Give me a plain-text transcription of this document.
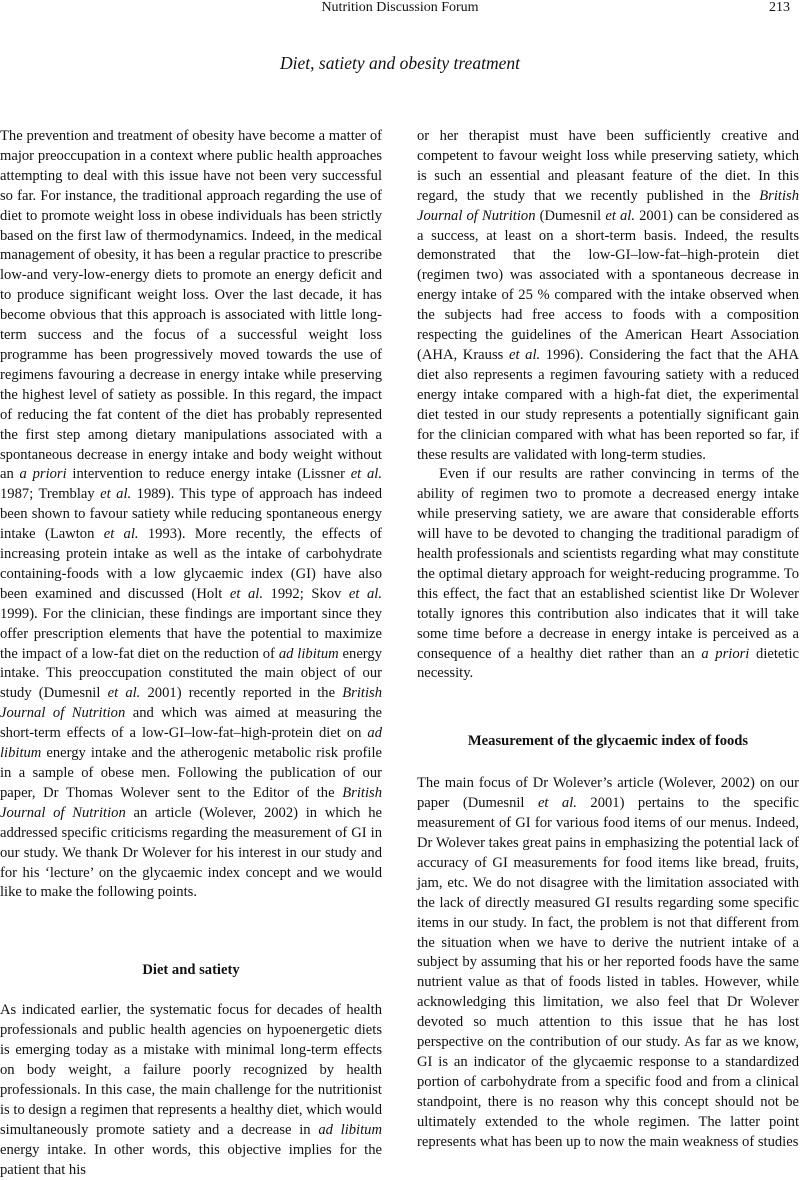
Nutrition Discussion Forum	213
Diet, satiety and obesity treatment

The prevention and treatment of obesity have become a matter of major preoccupation in a context where public health approaches attempting to deal with this issue have not been very successful so far. For instance, the traditional approach regarding the use of diet to promote weight loss in obese individuals has been strictly based on the first law of thermodynamics. Indeed, in the medical management of obesity, it has been a regular practice to prescribe low-and very-low-energy diets to promote an energy deficit and to produce significant weight loss. Over the last decade, it has become obvious that this approach is associated with little long-term success and the focus of a successful weight loss programme has been progressively moved towards the use of regimens favouring a decrease in energy intake while preserving the highest level of satiety as possible. In this regard, the impact of reducing the fat content of the diet has probably represented the first step among dietary manipulations associated with a spontaneous decrease in energy intake and body weight without an a priori intervention to reduce energy intake (Lissner et al. 1987; Tremblay et al. 1989). This type of approach has indeed been shown to favour satiety while reducing spontaneous energy intake (Lawton et al. 1993). More recently, the effects of increasing protein intake as well as the intake of carbohydrate containing-foods with a low glycaemic index (GI) have also been examined and discussed (Holt et al. 1992; Skov et al. 1999). For the clinician, these findings are important since they offer prescription elements that have the potential to maximize the impact of a low-fat diet on the reduction of ad libitum energy intake. This preoccupation constituted the main object of our study (Dumesnil et al. 2001) recently reported in the British Journal of Nutrition and which was aimed at measuring the short-term effects of a low-GI–low-fat–high-protein diet on ad libitum energy intake and the atherogenic metabolic risk profile in a sample of obese men. Following the publication of our paper, Dr Thomas Wolever sent to the Editor of the British Journal of Nutrition an article (Wolever, 2002) in which he addressed specific criticisms regarding the measurement of GI in our study. We thank Dr Wolever for his interest in our study and for his ‘lecture’ on the glycaemic index concept and we would like to make the following points.

Diet and satiety

As indicated earlier, the systematic focus for decades of health professionals and public health agencies on hypoenergetic diets is emerging today as a mistake with minimal long-term effects on body weight, a failure poorly recognized by health professionals. In this case, the main challenge for the nutritionist is to design a regimen that represents a healthy diet, which would simultaneously promote satiety and a decrease in ad libitum energy intake. In other words, this objective implies for the patient that his

or her therapist must have been sufficiently creative and competent to favour weight loss while preserving satiety, which is such an essential and pleasant feature of the diet. In this regard, the study that we recently published in the British Journal of Nutrition (Dumesnil et al. 2001) can be considered as a success, at least on a short-term basis. Indeed, the results demonstrated that the low-GI–low-fat–high-protein diet (regimen two) was associated with a spontaneous decrease in energy intake of 25 % compared with the intake observed when the subjects had free access to foods with a composition respecting the guidelines of the American Heart Association (AHA, Krauss et al. 1996). Considering the fact that the AHA diet also represents a regimen favouring satiety with a reduced energy intake compared with a high-fat diet, the experimental diet tested in our study represents a potentially significant gain for the clinician compared with what has been reported so far, if these results are validated with long-term studies.

Even if our results are rather convincing in terms of the ability of regimen two to promote a decreased energy intake while preserving satiety, we are aware that considerable efforts will have to be devoted to changing the traditional paradigm of health professionals and scientists regarding what may constitute the optimal dietary approach for weight-reducing programme. To this effect, the fact that an established scientist like Dr Wolever totally ignores this contribution also indicates that it will take some time before a decrease in energy intake is perceived as a consequence of a healthy diet rather than an a priori dietetic necessity.

Measurement of the glycaemic index of foods

The main focus of Dr Wolever’s article (Wolever, 2002) on our paper (Dumesnil et al. 2001) pertains to the specific measurement of GI for various food items of our menus. Indeed, Dr Wolever takes great pains in emphasizing the potential lack of accuracy of GI measurements for food items like bread, fruits, jam, etc. We do not disagree with the limitation associated with the lack of directly measured GI results regarding some specific items in our study. In fact, the problem is not that different from the situation when we have to derive the nutrient intake of a subject by assuming that his or her reported foods have the same nutrient value as that of foods listed in tables. However, while acknowledging this limitation, we also feel that Dr Wolever devoted so much attention to this issue that he has lost perspective on the contribution of our study. As far as we know, GI is an indicator of the glycaemic response to a standardized portion of carbohydrate from a specific food and from a clinical standpoint, there is no reason why this concept should not be ultimately extended to the whole regimen. The latter point represents what has been up to now the main weakness of studies
